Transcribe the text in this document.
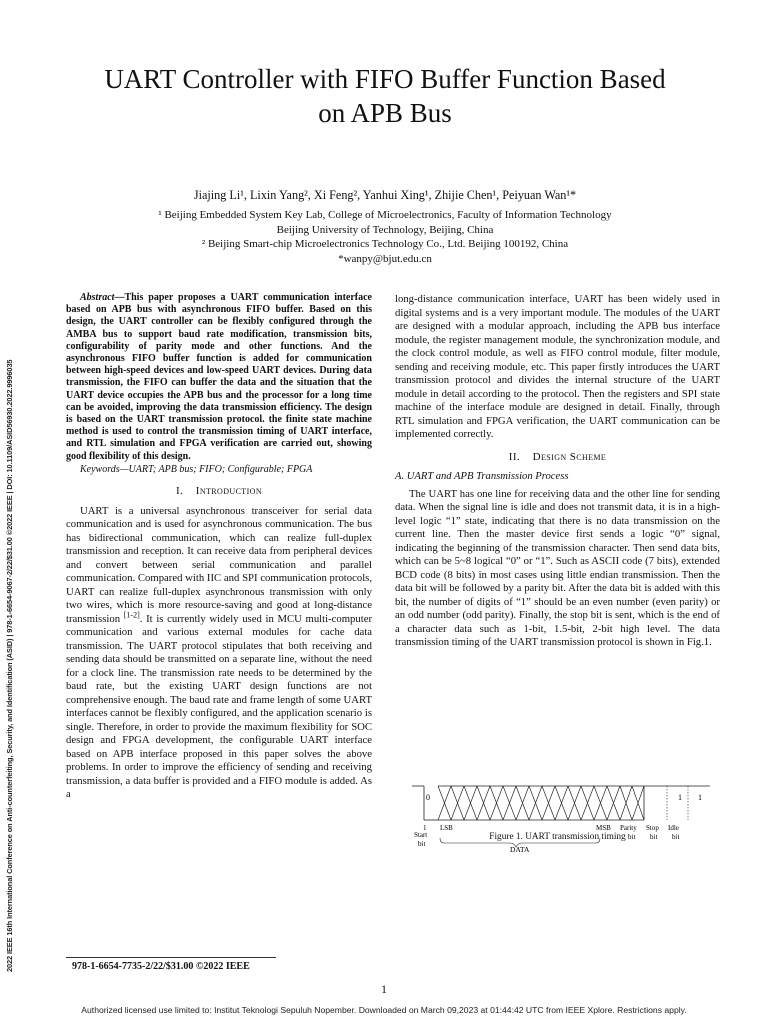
2022 IEEE 16th International Conference on Anti-counterfeiting, Security, and Identification (ASID) | 978-1-6654-9067-2/22/$31.00 ©2022 IEEE | DOI: 10.1109/ASID56930.2022.9996035
UART Controller with FIFO Buffer Function Based
on APB Bus
Jiajing Li¹, Lixin Yang², Xi Feng², Yanhui Xing¹, Zhijie Chen¹, Peiyuan Wan¹*
¹ Beijing Embedded System Key Lab, College of Microelectronics, Faculty of Information Technology
Beijing University of Technology, Beijing, China
² Beijing Smart-chip Microelectronics Technology Co., Ltd. Beijing 100192, China
*wanpy@bjut.edu.cn

Abstract—This paper proposes a UART communication interface based on APB bus with asynchronous FIFO buffer. Based on this design, the UART controller can be flexibly configured through the AMBA bus to support baud rate modification, transmission bits, configurability of parity mode and other functions. And the asynchronous FIFO buffer function is added for communication between high-speed devices and low-speed UART devices. During data transmission, the FIFO can buffer the data and the situation that the UART device occupies the APB bus and the processor for a long time can be avoided, improving the data transmission efficiency. The design is based on the UART transmission protocol. the finite state machine method is used to control the transmission timing of UART interface, and RTL simulation and FPGA verification are carried out, showing good flexibility of this design.

Keywords—UART; APB bus; FIFO; Configurable; FPGA

I. Introduction

UART is a universal asynchronous transceiver for serial data communication and is used for asynchronous communication. The bus has bidirectional communication, which can realize full-duplex transmission and reception. It can receive data from peripheral devices and convert between serial communication and parallel communication. Compared with IIC and SPI communication protocols, UART can realize full-duplex asynchronous transmission with only two wires, which is more resource-saving and good at long-distance transmission [1-2]. It is currently widely used in MCU multi-computer communication and various external modules for cache data transmission. The UART protocol stipulates that both receiving and sending data should be transmitted on a separate line, without the need for a clock line. The transmission rate needs to be determined by the baud rate, but the existing UART design functions are not comprehensive enough. The baud rate and frame length of some UART interfaces cannot be flexibly configured, and the application scenario is single. Therefore, in order to provide the maximum flexibility for SOC design and FPGA development, the configurable UART interface based on APB interface proposed in this paper solves the above problems. In order to improve the efficiency of sending and receiving transmission, a data buffer is provided and a FIFO module is added. As a

long-distance communication interface, UART has been widely used in digital systems and is a very important module. The modules of the UART are designed with a modular approach, including the APB bus interface module, the register management module, the synchronization module, and the clock control module, as well as FIFO control module, filter module, sending and receiving module, etc. This paper firstly introduces the UART transmission protocol and divides the internal structure of the UART module in detail according to the protocol. Then the registers and SPI state machine of the interface module are designed in detail. Finally, through RTL simulation and FPGA verification, the UART communication can be implemented correctly.

II. Design Scheme
A. UART and APB Transmission Process

The UART has one line for receiving data and the other line for sending data. When the signal line is idle and does not transmit data, it is in a high-level logic “1” state, indicating that there is no data transmission on the current line. Then the master device first sends a logic “0” signal, indicating the beginning of the transmission character. Then send data bits, which can be 5~8 logical “0” or “1”. Such as ASCII code (7 bits), extended BCD code (8 bits) in most cases using little endian transmission. Then the data bit will be followed by a parity bit. After the data bit is added with this bit, the number of digits of “1” should be an even number (even parity) or an odd number (odd parity). Finally, the stop bit is sent, which is the end of a character data such as 1-bit, 1.5-bit, 2-bit high level. The data transmission timing of the UART transmission protocol is shown in Fig.1.

0	1 1
1 LSB	MSB Parity
bit
Stop
bit
Idle
bit
Start
bit
DATA
Figure 1. UART transmission timing
978-1-6654-7735-2/22/$31.00 ©2022 IEEE
1
Authorized licensed use limited to: Institut Teknologi Sepuluh Nopember. Downloaded on March 09,2023 at 01:44:42 UTC from IEEE Xplore. Restrictions apply.
